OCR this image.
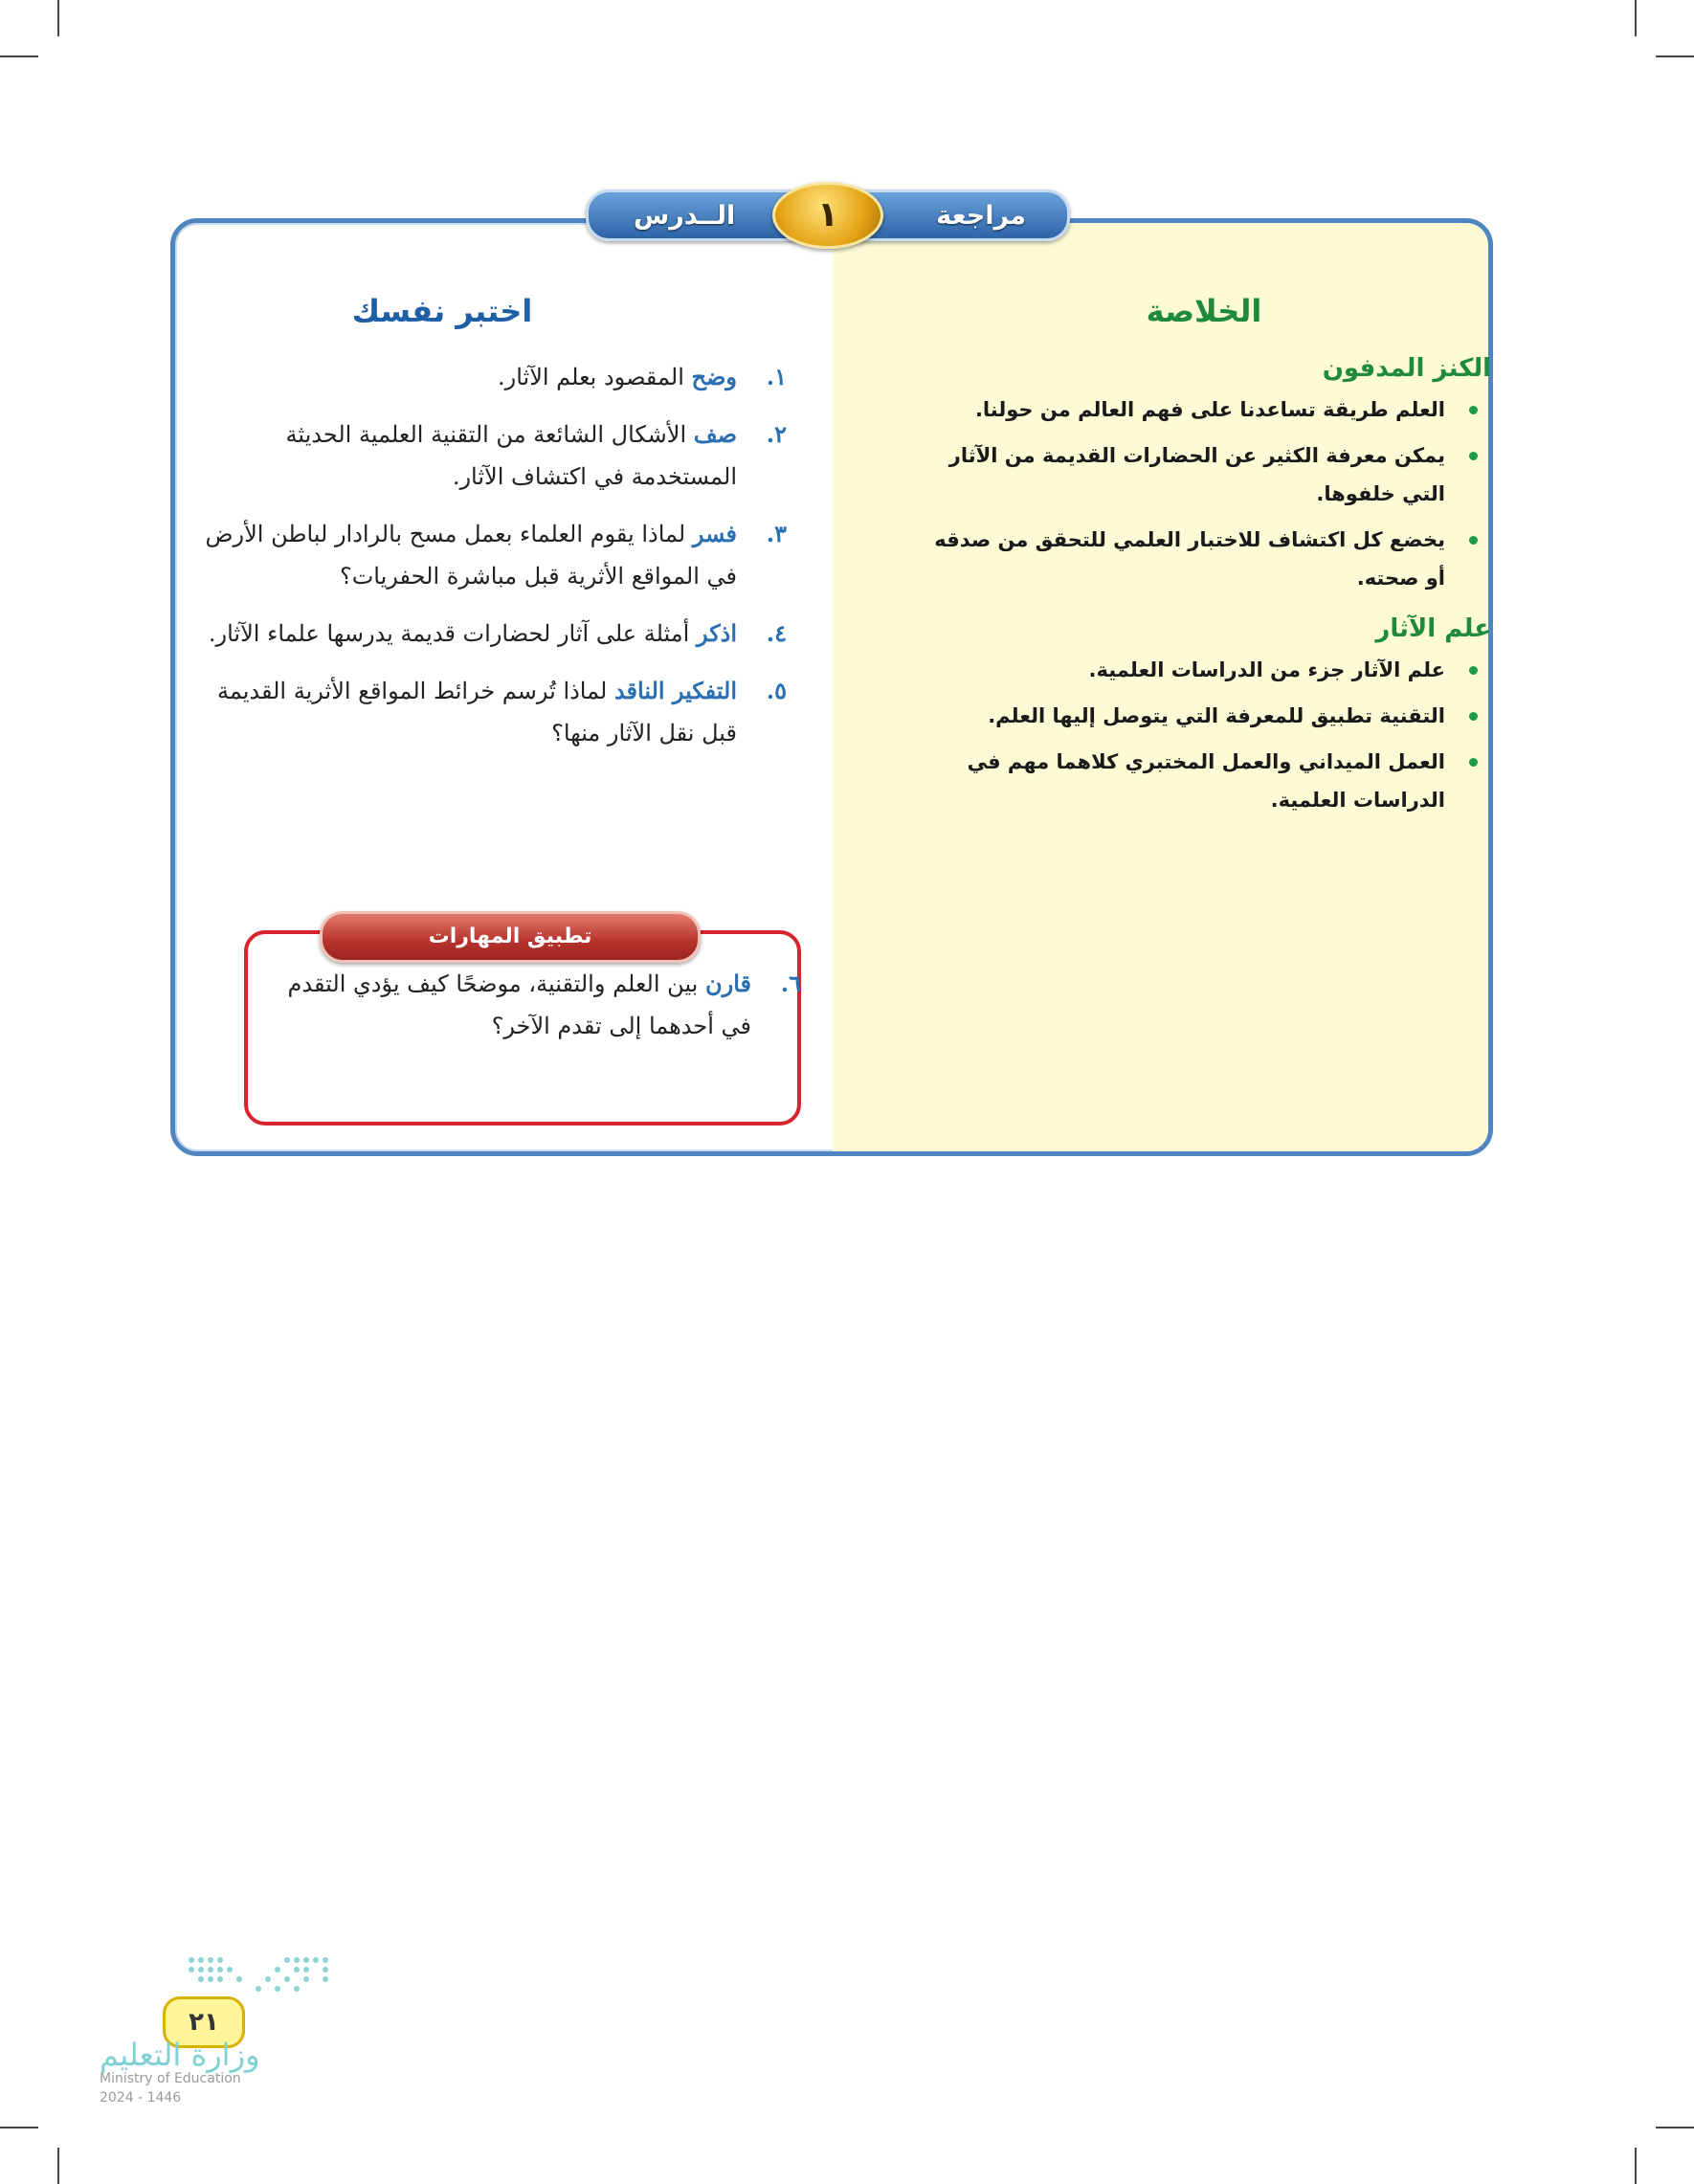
مراجعة
الــدرس	١
الخلاصة
الكنز المدفون
العلم طريقة تساعدنا على فهم العالم من حولنا.
يمكن معرفة الكثير عن الحضارات القديمة من الآثار التي خلفوها.
يخضع كل اكتشاف للاختبار العلمي للتحقق من صدقه أو صحته.
علم الآثار
علم الآثار جزء من الدراسات العلمية.
التقنية تطبيق للمعرفة التي يتوصل إليها العلم.
العمل الميداني والعمل المختبري كلاهما مهم في الدراسات العلمية.
اختبر نفسك
١.
وضح المقصود بعلم الآثار.
٢.
صف الأشكال الشائعة من التقنية العلمية الحديثة المستخدمة في اكتشاف الآثار.
٣.
فسر لماذا يقوم العلماء بعمل مسح بالرادار لباطن الأرض في المواقع الأثرية قبل مباشرة الحفريات؟
٤.
اذكر أمثلة على آثار لحضارات قديمة يدرسها علماء الآثار.
٥.
التفكير الناقد لماذا تُرسم خرائط المواقع الأثرية القديمة قبل نقل الآثار منها؟
٦.
قارن بين العلم والتقنية، موضحًا كيف يؤدي التقدم في أحدهما إلى تقدم الآخر؟
تطبيق المهارات
٢١
وزارة التعليم
Ministry of Education
2024 - 1446
